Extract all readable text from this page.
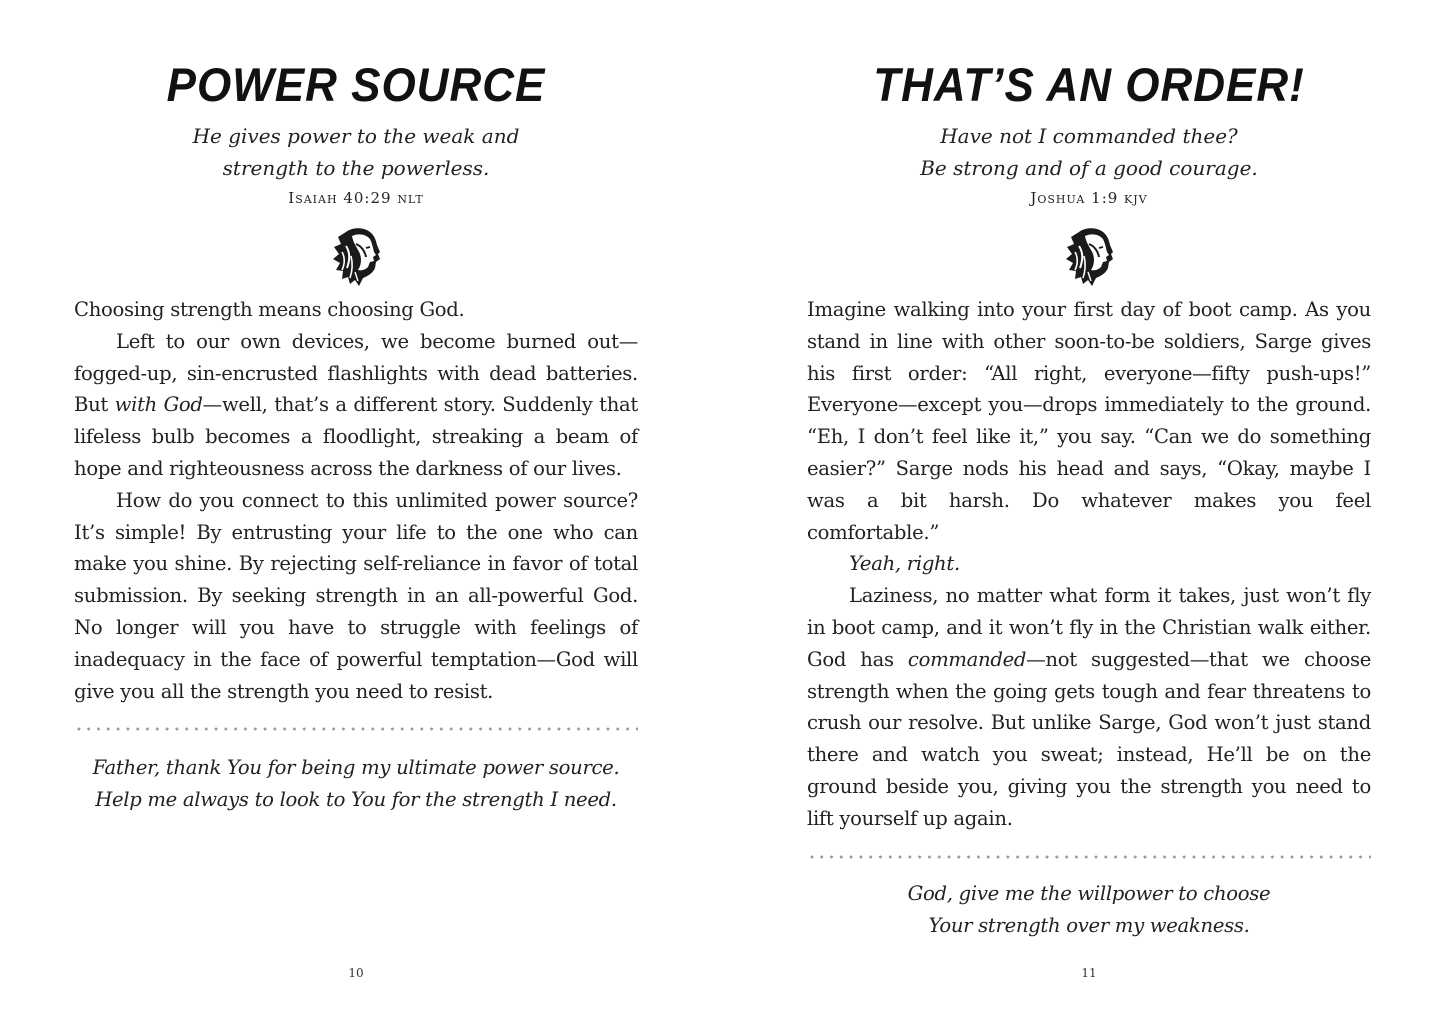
POWER SOURCE
He gives power to the weak and
strength to the powerless.
Isaiah 40:29 nlt

Choosing strength means choosing God.

Left to our own devices, we become burned out—fogged-up, sin-encrusted flashlights with dead batteries. But with God—well, that’s a different story. Suddenly that lifeless bulb becomes a floodlight, streaking a beam of hope and righteousness across the darkness of our lives.

How do you connect to this unlimited power source? It’s simple! By entrusting your life to the one who can make you shine. By rejecting self-reliance in favor of total submission. By seeking strength in an all-powerful God. No longer will you have to struggle with feelings of inadequacy in the face of powerful temptation—God will give you all the strength you need to resist.

Father, thank You for being my ultimate power source.
Help me always to look to You for the strength I need.
10
THAT’S AN ORDER!
Have not I commanded thee?
Be strong and of a good courage.
Joshua 1:9 kjv

Imagine walking into your first day of boot camp. As you stand in line with other soon-to-be soldiers, Sarge gives his first order: “All right, everyone—fifty push-ups!” Everyone—except you—drops immediately to the ground. “Eh, I don’t feel like it,” you say. “Can we do something easier?” Sarge nods his head and says, “Okay, maybe I was a bit harsh. Do whatever makes you feel comfortable.”

Yeah, right.

Laziness, no matter what form it takes, just won’t fly in boot camp, and it won’t fly in the Christian walk either. God has commanded—not suggested—that we choose strength when the going gets tough and fear threatens to crush our resolve. But unlike Sarge, God won’t just stand there and watch you sweat; instead, He’ll be on the ground beside you, giving you the strength you need to lift yourself up again.

God, give me the willpower to choose
Your strength over my weakness.
11
